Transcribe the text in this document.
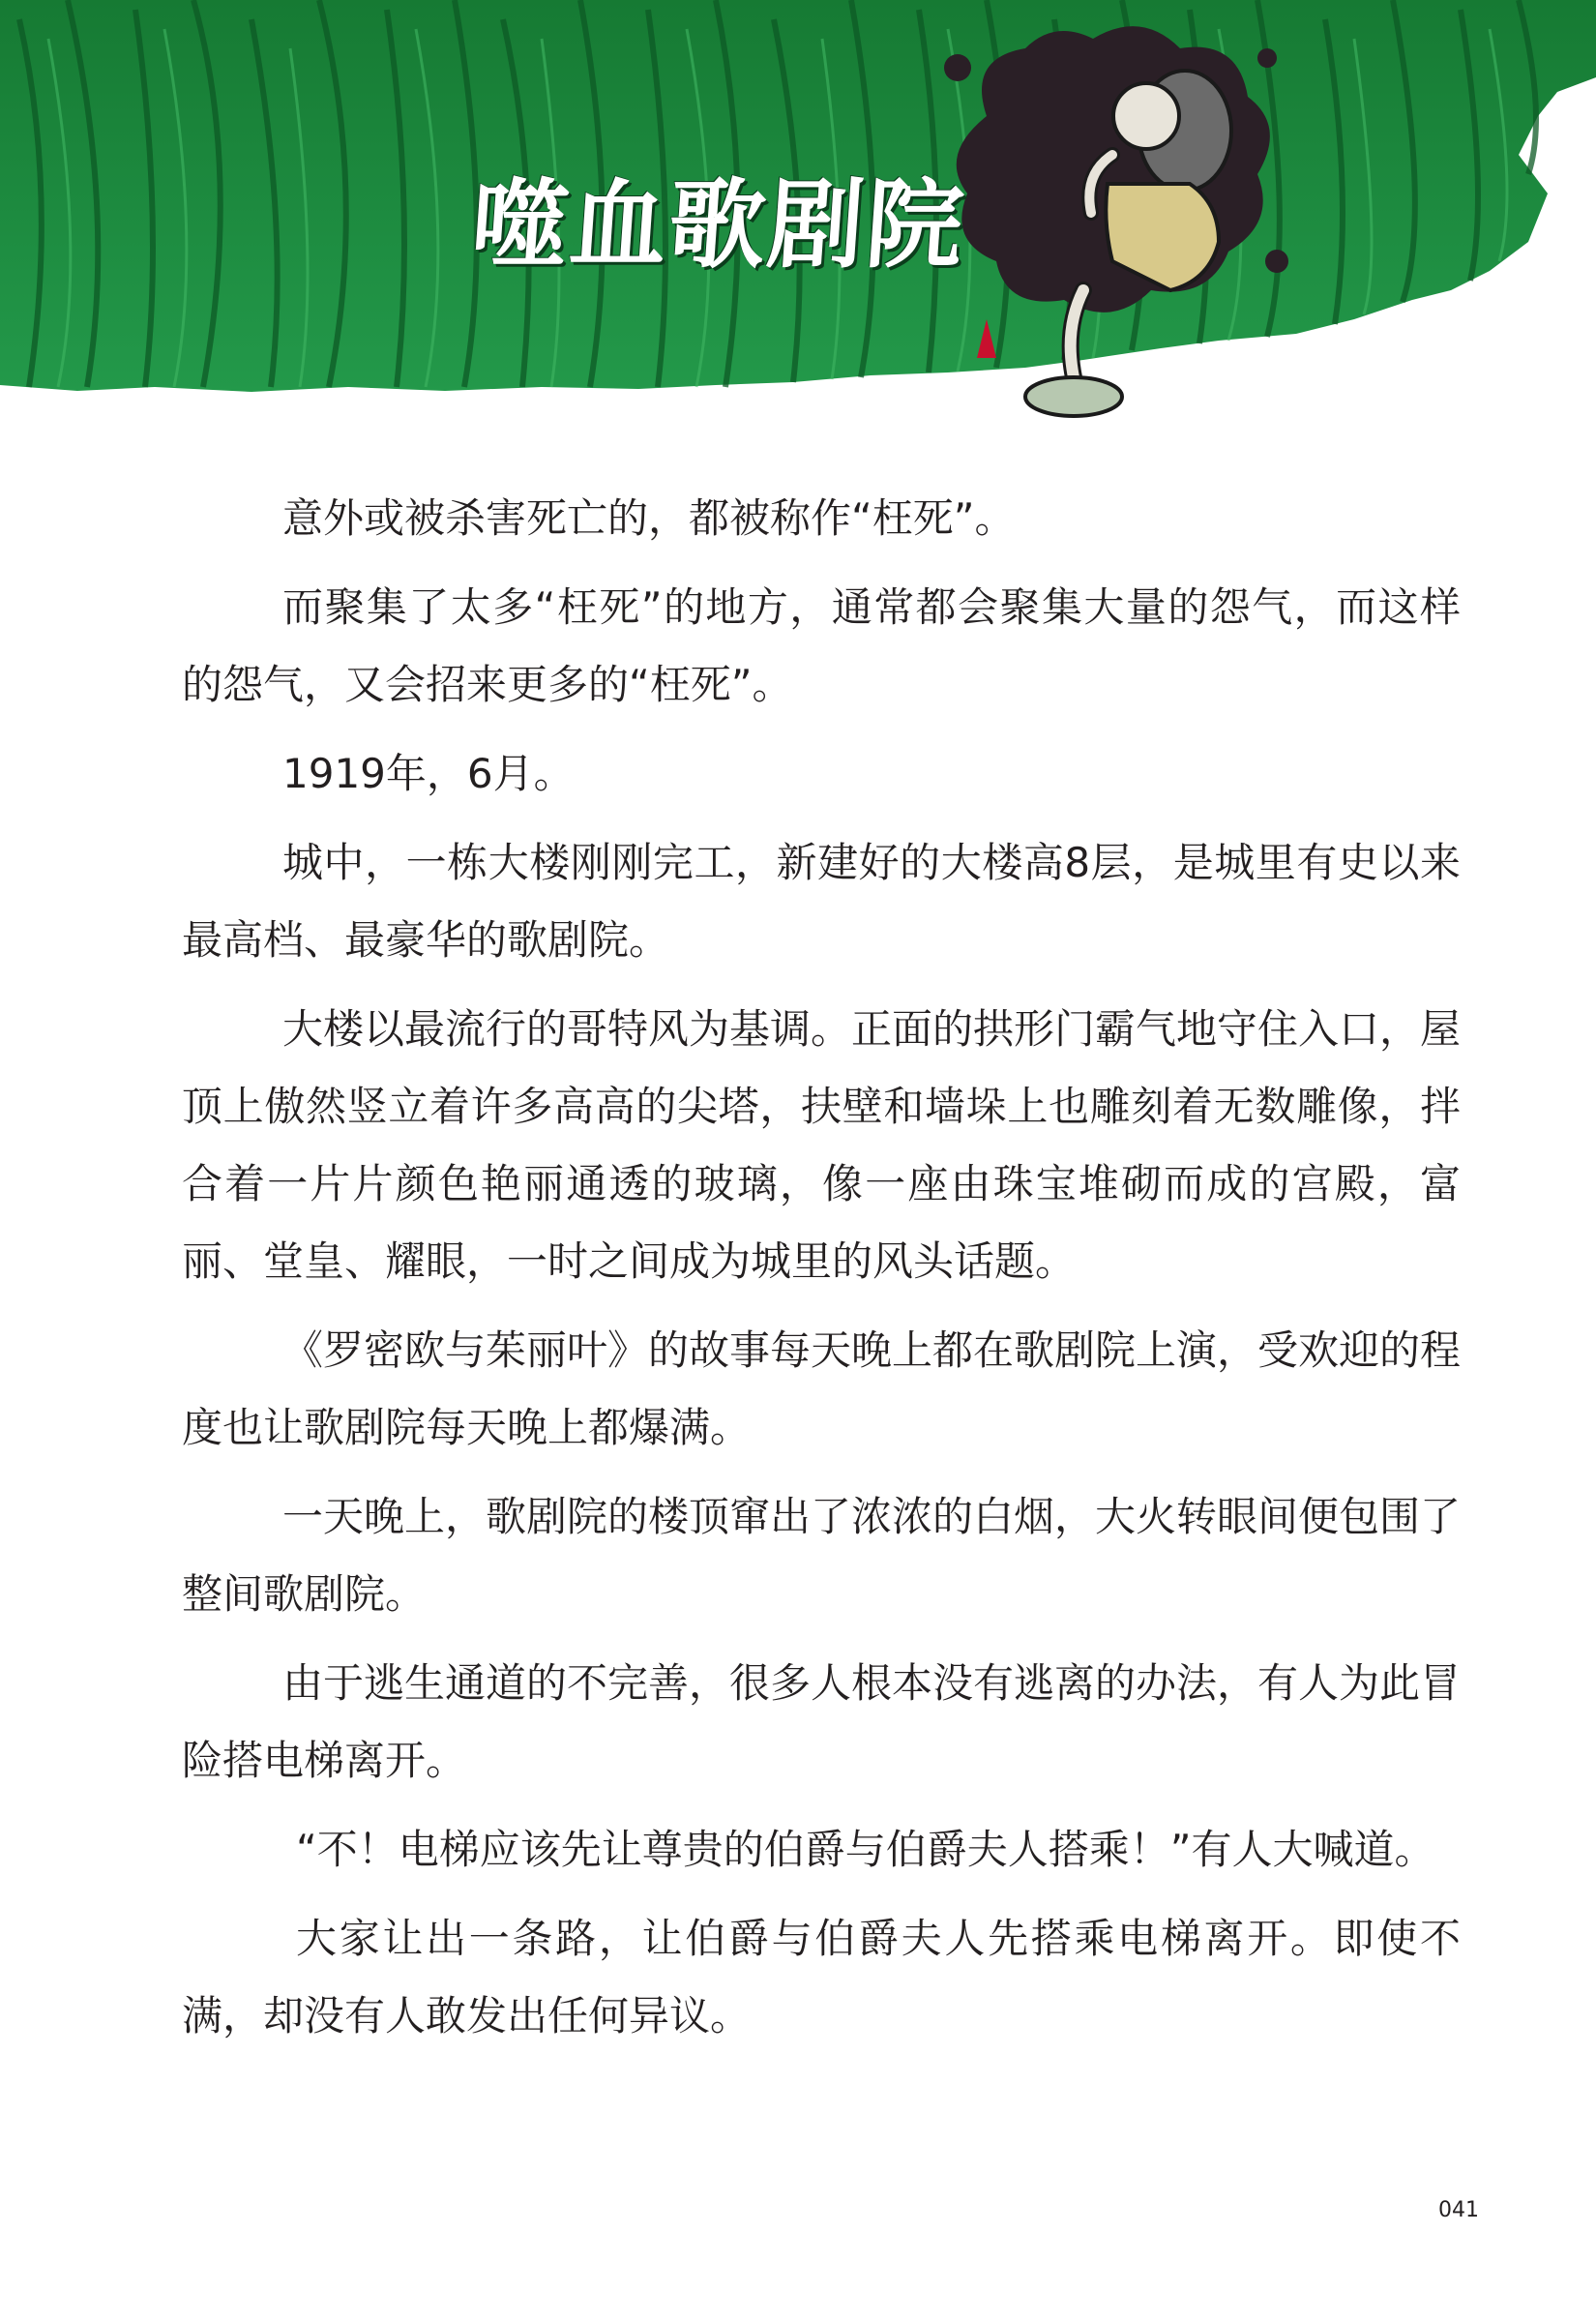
噬血歌剧院

意外或被杀害死亡的，都被称作“枉死”。

而聚集了太多“枉死”的地方，通常都会聚集大量的怨气，而这样的怨气，又会招来更多的“枉死”。

1919年，6月。

城中，一栋大楼刚刚完工，新建好的大楼高8层，是城里有史以来最高档、最豪华的歌剧院。

大楼以最流行的哥特风为基调。正面的拱形门霸气地守住入口，屋顶上傲然竖立着许多高高的尖塔，扶壁和墙垛上也雕刻着无数雕像，拌合着一片片颜色艳丽通透的玻璃，像一座由珠宝堆砌而成的宫殿，富丽、堂皇、耀眼，一时之间成为城里的风头话题。

《罗密欧与茱丽叶》的故事每天晚上都在歌剧院上演，受欢迎的程度也让歌剧院每天晚上都爆满。

一天晚上，歌剧院的楼顶窜出了浓浓的白烟，大火转眼间便包围了整间歌剧院。

由于逃生通道的不完善，很多人根本没有逃离的办法，有人为此冒险搭电梯离开。

“不！电梯应该先让尊贵的伯爵与伯爵夫人搭乘！”有人大喊道。

大家让出一条路，让伯爵与伯爵夫人先搭乘电梯离开。即使不满，却没有人敢发出任何异议。

041
